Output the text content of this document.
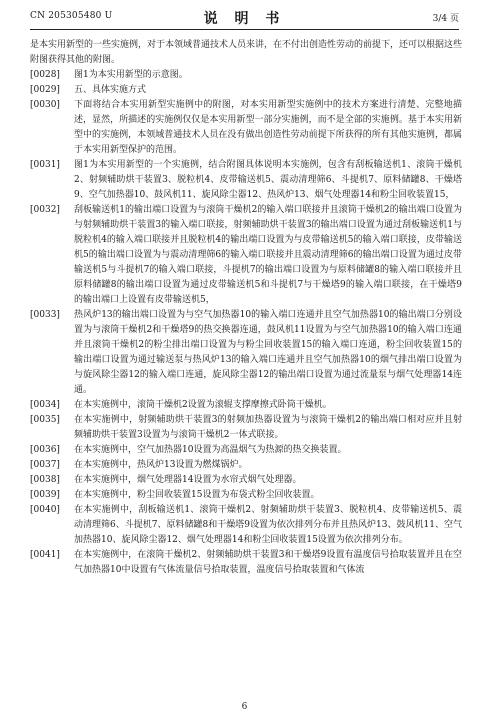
CN 205305480 U	说 明 书	3/4 页

是本实用新型的一些实施例，对于本领域普通技术人员来讲，在不付出创造性劳动的前提下，还可以根据这些附图获得其他的附图。

[0028]	图1为本实用新型的示意图。
[0029]	五、具体实施方式
[0030]	下面将结合本实用新型实施例中的附图，对本实用新型实施例中的技术方案进行清楚、完整地描述，显然，所描述的实施例仅仅是本实用新型一部分实施例，而不是全部的实施例。基于本实用新型中的实施例，本领域普通技术人员在没有做出创造性劳动前提下所获得的所有其他实施例，都属于本实用新型保护的范围。
[0031]	图1为本实用新型的一个实施例，结合附图具体说明本实施例，包含有刮板输送机1、滚筒干燥机2、射频辅助烘干装置3、脱粒机4、皮带输送机5、震动清理筛6、斗提机7、原料储罐8、干燥塔9、空气加热器10、鼓风机11、旋风除尘器12、热风炉13、烟气处理器14和粉尘回收装置15，
[0032]	刮板输送机1的输出端口设置为与滚筒干燥机2的输入端口联接并且滚筒干燥机2的输出端口设置为与射频辅助烘干装置3的输入端口联接，射频辅助烘干装置3的输出端口设置为通过刮板输送机1与脱粒机4的输入端口联接并且脱粒机4的输出端口设置为与皮带输送机5的输入端口联接，皮带输送机5的输出端口设置为与震动清理筛6的输入端口联接并且震动清理筛6的输出端口设置为通过皮带输送机5与斗提机7的输入端口联接，斗提机7的输出端口设置为与原料储罐8的输入端口联接并且原料储罐8的输出端口设置为通过皮带输送机5和斗提机7与干燥塔9的输入端口联接，在干燥塔9的输出端口上设置有皮带输送机5，
[0033]	热风炉13的输出端口设置为与空气加热器10的输入端口连通并且空气加热器10的输出端口分别设置为与滚筒干燥机2和干燥塔9的热交换器连通，鼓风机11设置为与空气加热器10的输入端口连通并且滚筒干燥机2的粉尘排出端口设置为与粉尘回收装置15的输入端口连通，粉尘回收装置15的输出端口设置为通过输送泵与热风炉13的输入端口连通并且空气加热器10的烟气排出端口设置为与旋风除尘器12的输入端口连通，旋风除尘器12的输出端口设置为通过流量泵与烟气处理器14连通。
[0034]	在本实施例中，滚筒干燥机2设置为滚辊支撑摩擦式卧筒干燥机。
[0035]	在本实施例中，射频辅助烘干装置3的射频加热器设置为与滚筒干燥机2的输出端口相对应并且射频辅助烘干装置3设置为与滚筒干燥机2一体式联接。
[0036]	在本实施例中，空气加热器10设置为高温烟气为热源的热交换装置。
[0037]	在本实施例中，热风炉13设置为燃煤锅炉。
[0038]	在本实施例中，烟气处理器14设置为水帘式烟气处理器。
[0039]	在本实施例中，粉尘回收装置15设置为布袋式粉尘回收装置。
[0040]	在本实施例中，刮板输送机1、滚筒干燥机2、射频辅助烘干装置3、脱粒机4、皮带输送机5、震动清理筛6、斗提机7、原料储罐8和干燥塔9设置为依次排列分布并且热风炉13、鼓风机11、空气加热器10、旋风除尘器12、烟气处理器14和粉尘回收装置15设置为依次排列分布。
[0041]	在本实施例中，在滚筒干燥机2、射频辅助烘干装置3和干燥塔9设置有温度信号拾取装置并且在空气加热器10中设置有气体流量信号拾取装置，温度信号拾取装置和气体流
6
